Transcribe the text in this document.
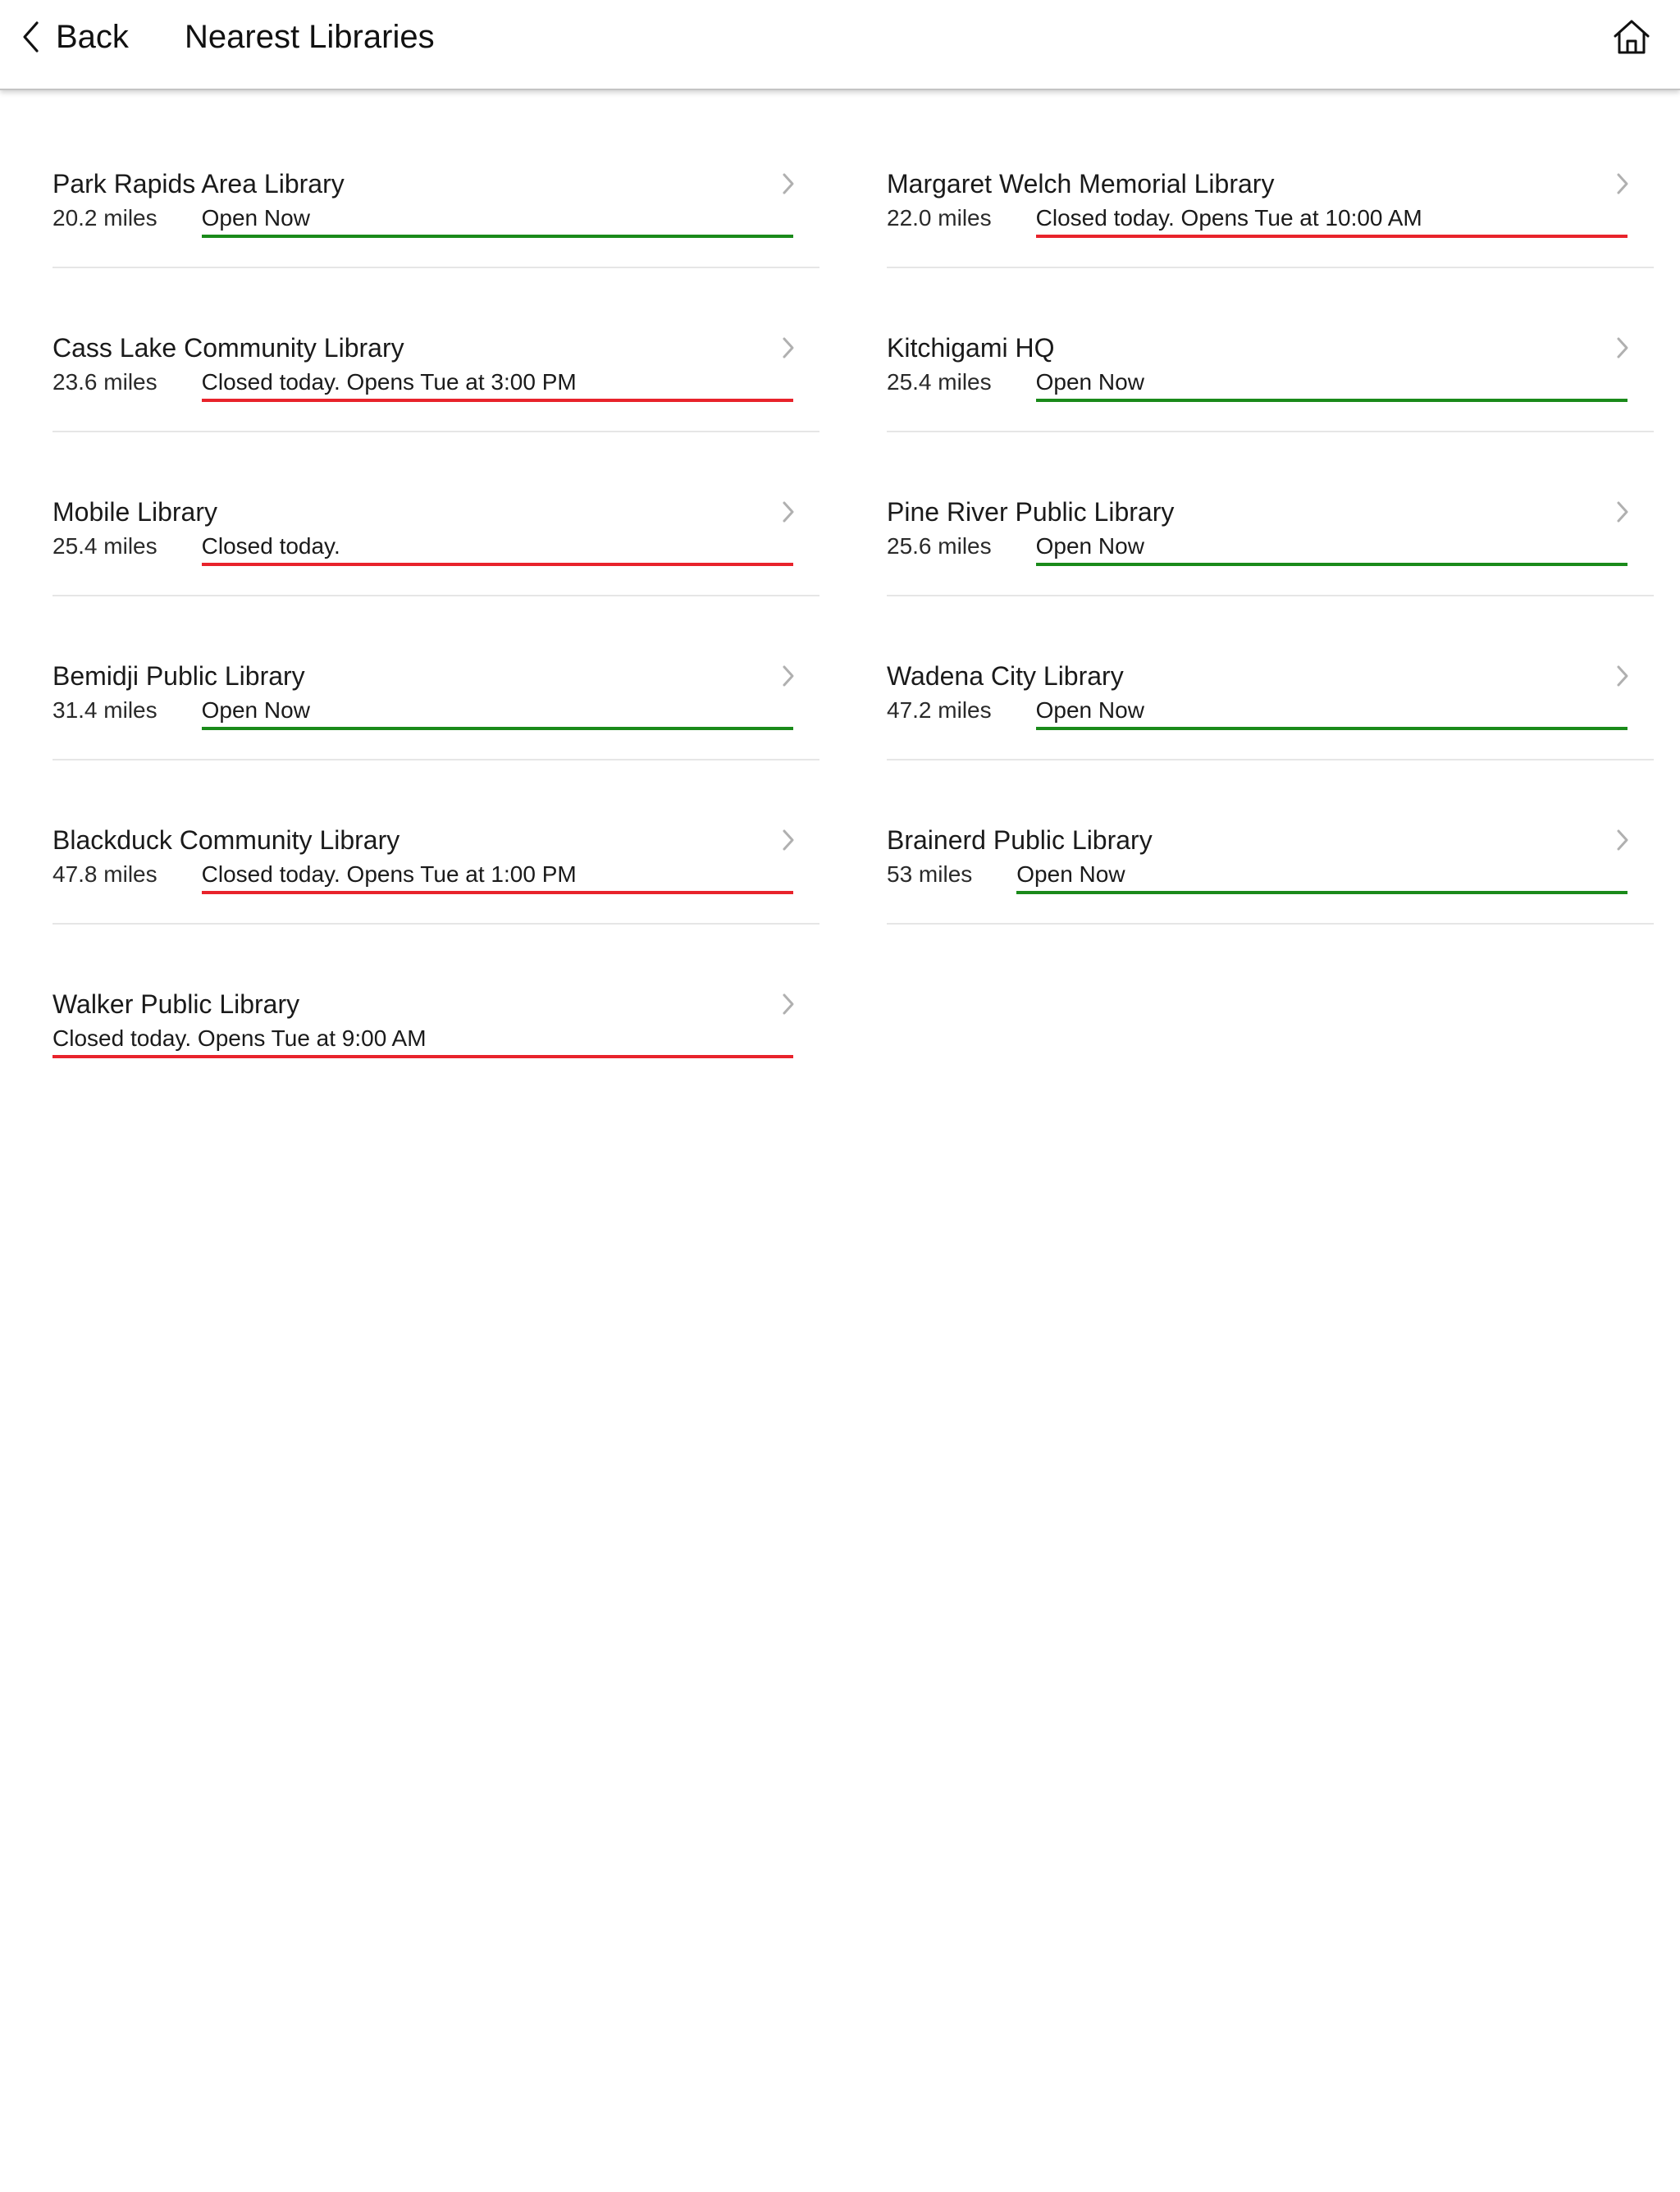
Back Nearest Libraries
Park Rapids Area Library
20.2 miles Open Now
Margaret Welch Memorial Library
22.0 miles Closed today. Opens Tue at 10:00 AM
Cass Lake Community Library
23.6 miles Closed today. Opens Tue at 3:00 PM
Kitchigami HQ
25.4 miles Open Now
Mobile Library
25.4 miles Closed today.
Pine River Public Library
25.6 miles Open Now
Bemidji Public Library
31.4 miles Open Now
Wadena City Library
47.2 miles Open Now
Blackduck Community Library
47.8 miles Closed today. Opens Tue at 1:00 PM
Brainerd Public Library
53 miles Open Now
Walker Public Library
Closed today. Opens Tue at 9:00 AM
